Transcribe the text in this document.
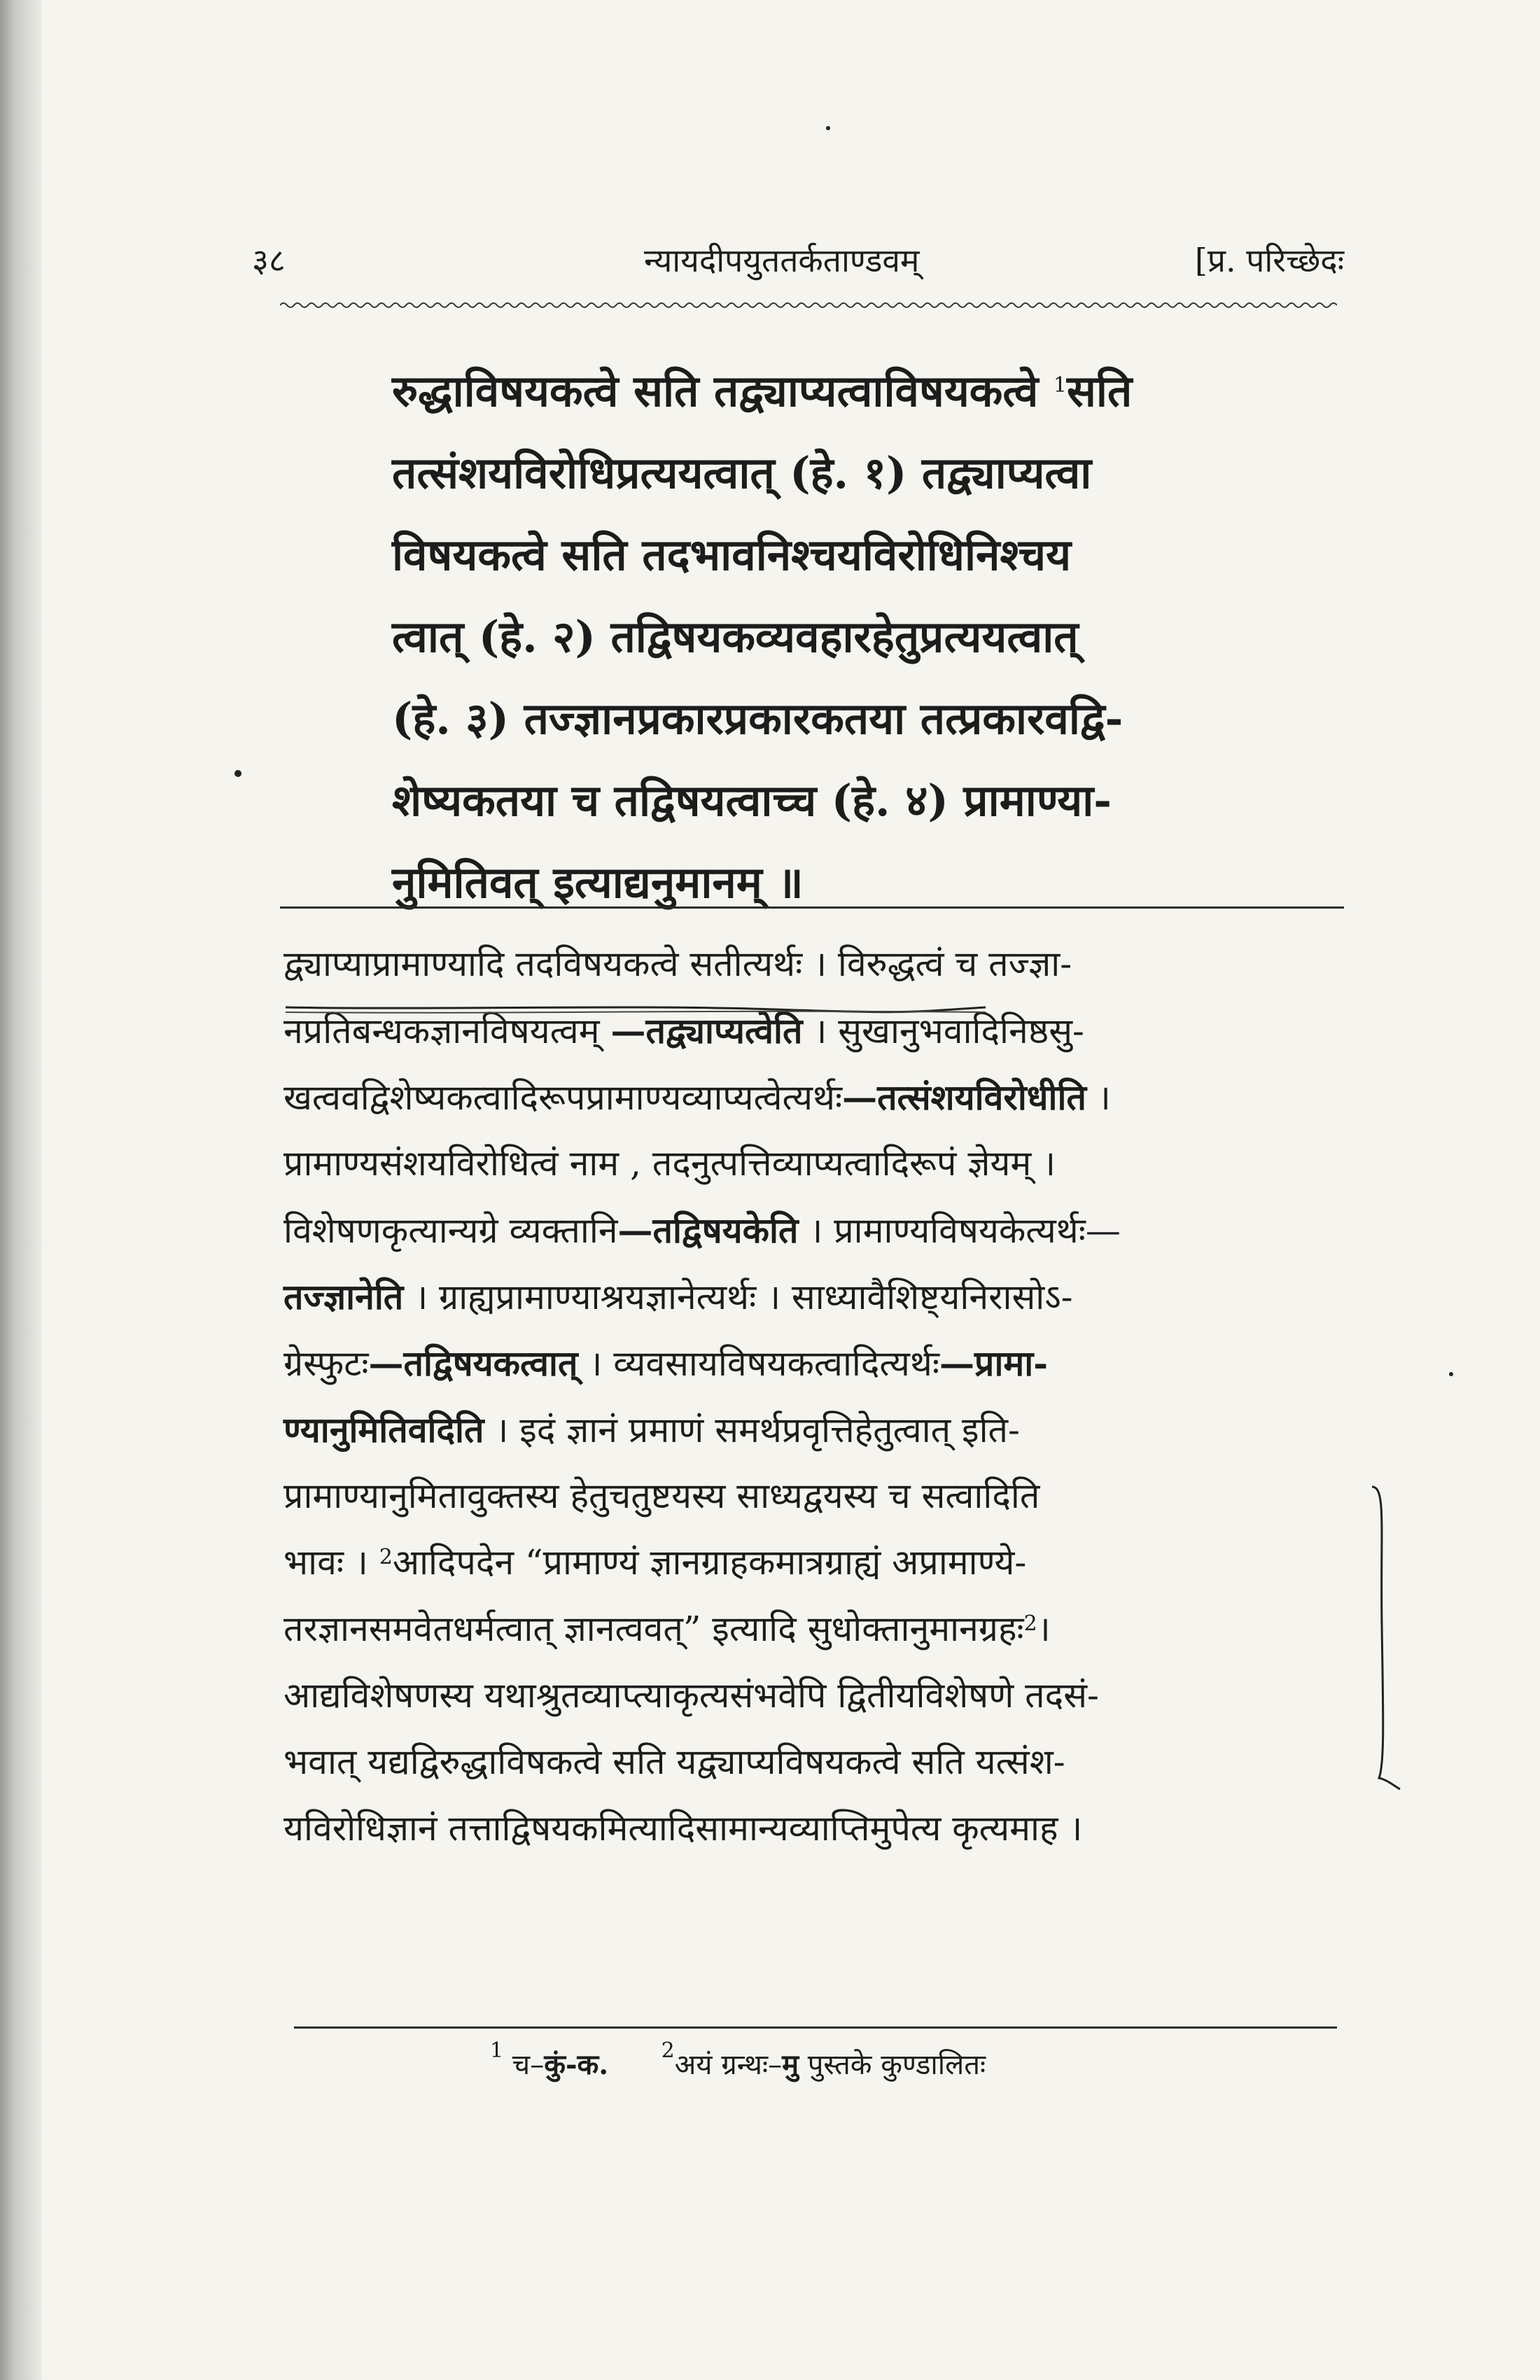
३८	न्यायदीपयुततर्कताण्डवम्	[प्र. परिच्छेदः
रुद्धाविषयकत्वे सति तद्व्याप्यत्वाविषयकत्वे $^1$सति
तत्संशयविरोधिप्रत्ययत्वात् (हे. १) तद्व्याप्यत्वा
विषयकत्वे सति तदभावनिश्चयविरोधिनिश्चय
त्वात् (हे. २) तद्विषयकव्यवहारहेतुप्रत्ययत्वात्
(हे. ३) तज्ज्ञानप्रकारप्रकारकतया तत्प्रकारवद्वि-
शेष्यकतया च तद्विषयत्वाच्च (हे. ४) प्रामाण्या-
नुमितिवत् इत्याद्यनुमानम् ॥
द्व्याप्याप्रामाण्यादि तदविषयकत्वे सतीत्यर्थः । विरुद्धत्वं च तज्ज्ञा-
नप्रतिबन्धकज्ञानविषयत्वम् —तद्व्याप्यत्वेति । सुखानुभवादिनिष्ठसु-
खत्ववद्विशेष्यकत्वादिरूपप्रामाण्यव्याप्यत्वेत्यर्थः—तत्संशयविरोधीति ।
प्रामाण्यसंशयविरोधित्वं नाम , तदनुत्पत्तिव्याप्यत्वादिरूपं ज्ञेयम् ।
विशेषणकृत्यान्यग्रे व्यक्तानि—तद्विषयकेति । प्रामाण्यविषयकेत्यर्थः—
तज्ज्ञानेति । ग्राह्यप्रामाण्याश्रयज्ञानेत्यर्थः । साध्यावैशिष्ट्यनिरासोऽ-
ग्रेस्फुटः—तद्विषयकत्वात् । व्यवसायविषयकत्वादित्यर्थः—प्रामा-
ण्यानुमितिवदिति । इदं ज्ञानं प्रमाणं समर्थप्रवृत्तिहेतुत्वात् इति-
प्रामाण्यानुमितावुक्तस्य हेतुचतुष्टयस्य साध्यद्वयस्य च सत्वादिति
भावः । $^2$आदिपदेन “प्रामाण्यं ज्ञानग्राहकमात्रग्राह्यं अप्रामाण्ये-
तरज्ञानसमवेतधर्मत्वात् ज्ञानत्ववत्” इत्यादि सुधोक्तानुमानग्रहः$^2$।
आद्यविशेषणस्य यथाश्रुतव्याप्त्याकृत्यसंभवेपि द्वितीयविशेषणे तदसं-
भवात् यद्यद्विरुद्धाविषकत्वे सति यद्व्याप्यविषयकत्वे सति यत्संश-
यविरोधिज्ञानं तत्ताद्विषयकमित्यादिसामान्यव्याप्तिमुपेत्य कृत्यमाह ।
$^1$ च–कुं-क.	$^2$अयं ग्रन्थः–मु पुस्तके कुण्डालितः
